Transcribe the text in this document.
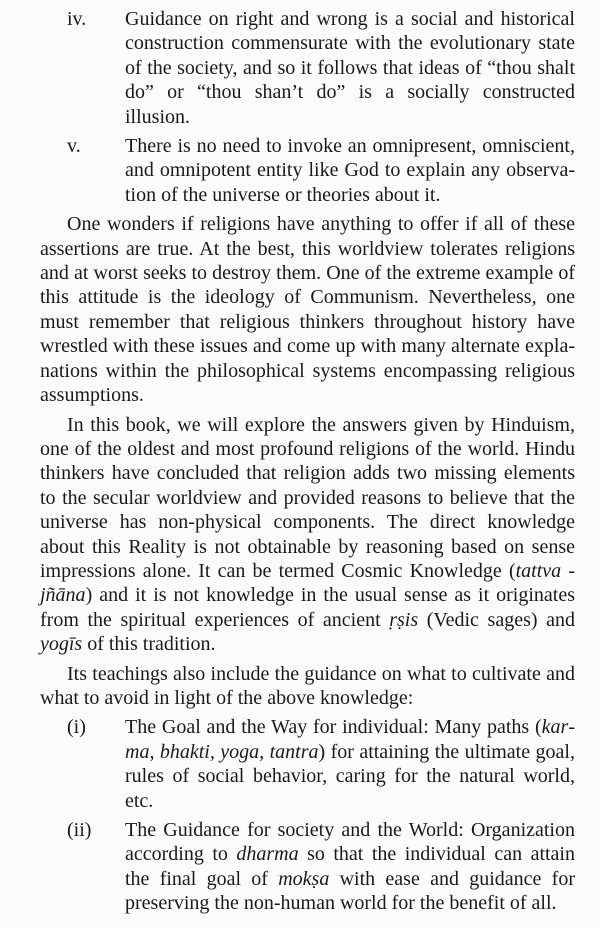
iv. Guidance on right and wrong is a social and historical construction commensurate with the evolutionary state of the society, and so it follows that ideas of “thou shalt do” or “thou shan’t do” is a socially constructed illusion.
v. There is no need to invoke an omnipresent, omniscient, and omnipotent entity like God to explain any observation of the universe or theories about it.

One wonders if religions have anything to offer if all of these assertions are true. At the best, this worldview tolerates religions and at worst seeks to destroy them. One of the extreme example of this attitude is the ideology of Communism. Nevertheless, one must remember that religious thinkers throughout history have wrestled with these issues and come up with many alternate explanations within the philosophical systems encompassing religious assumptions.

In this book, we will explore the answers given by Hinduism, one of the oldest and most profound religions of the world. Hindu thinkers have concluded that religion adds two missing elements to the secular worldview and provided reasons to believe that the universe has non-physical components. The direct knowledge about this Reality is not obtainable by reasoning based on sense impressions alone. It can be termed Cosmic Knowledge (tattva - jñāna) and it is not knowledge in the usual sense as it originates from the spiritual experiences of ancient ṛṣis (Vedic sages) and yogīs of this tradition.

Its teachings also include the guidance on what to cultivate and what to avoid in light of the above knowledge:

(i) The Goal and the Way for individual: Many paths (karma, bhakti, yoga, tantra) for attaining the ultimate goal, rules of social behavior, caring for the natural world, etc.
(ii) The Guidance for society and the World: Organization according to dharma so that the individual can attain the final goal of mokṣa with ease and guidance for preserving the non-human world for the benefit of all.
